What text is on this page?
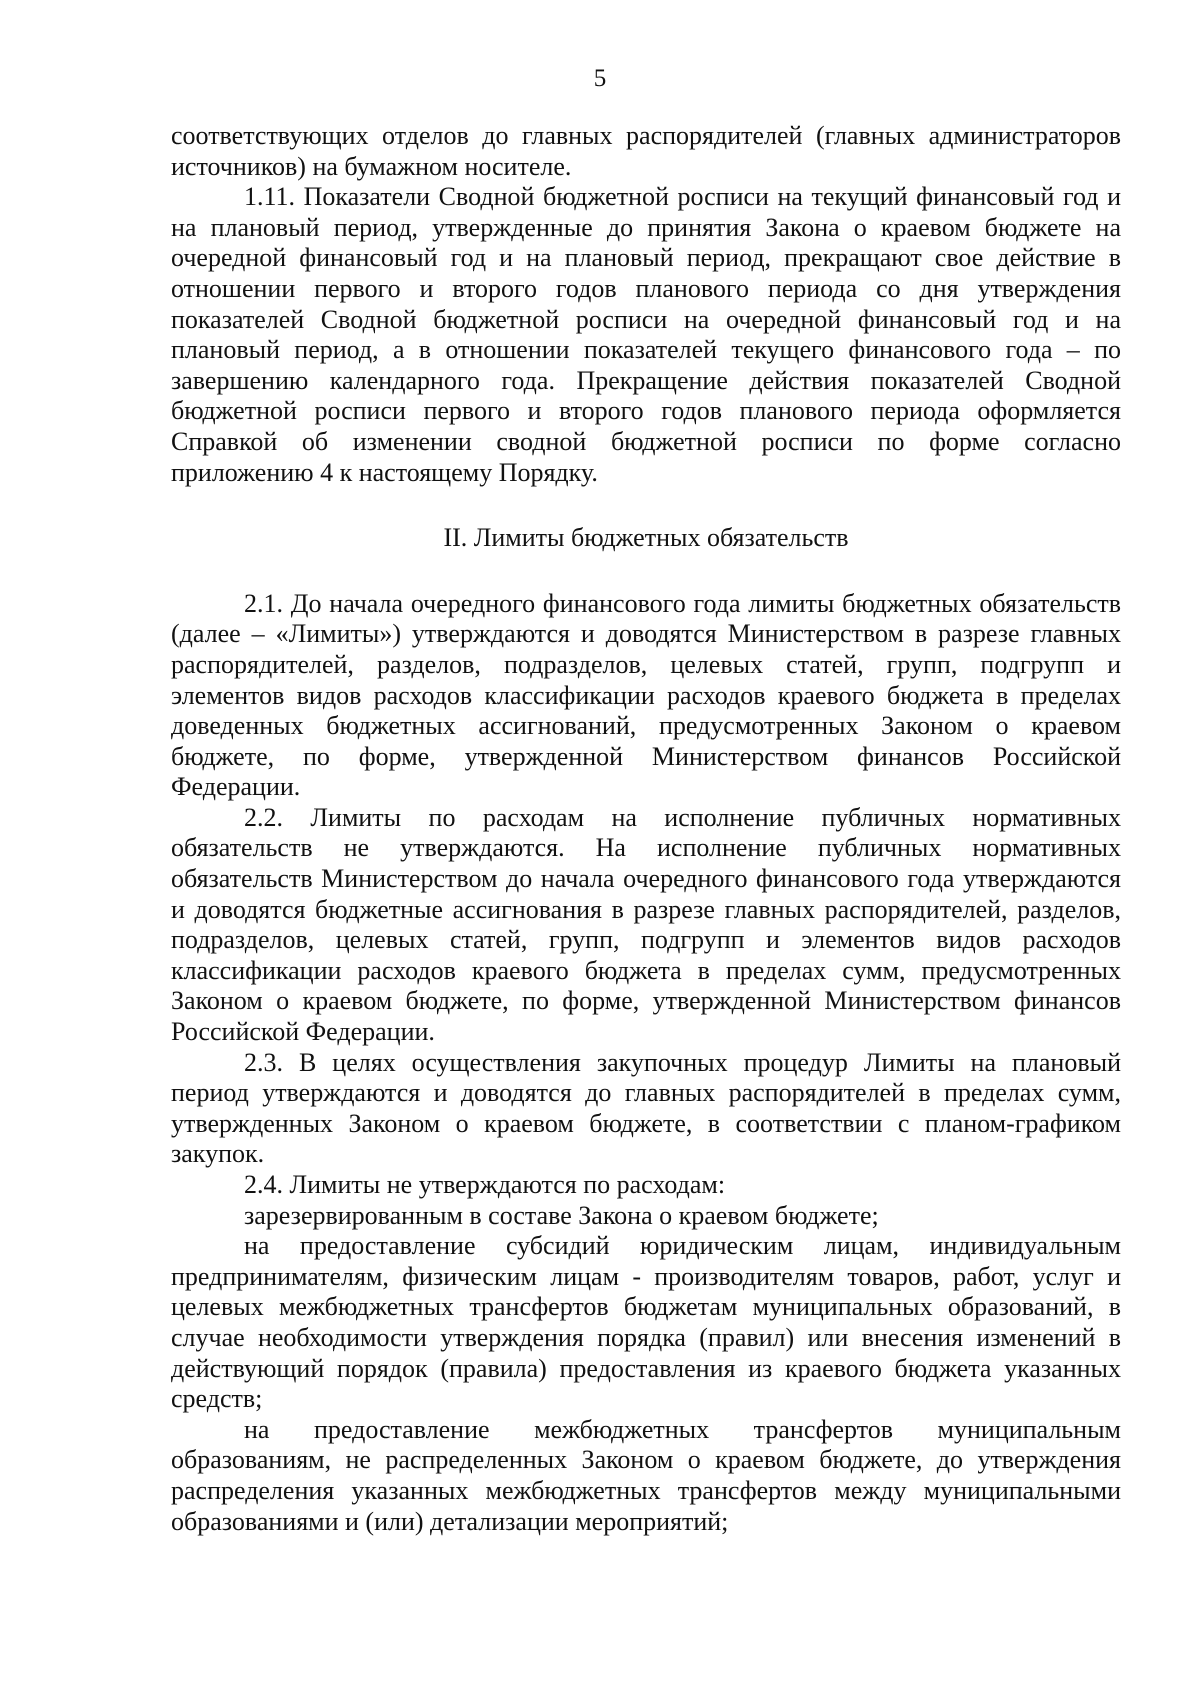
5

соответствующих отделов до главных распорядителей (главных администраторов источников) на бумажном носителе.

1.11. Показатели Сводной бюджетной росписи на текущий финансовый год и на плановый период, утвержденные до принятия Закона о краевом бюджете на очередной финансовый год и на плановый период, прекращают свое действие в отношении первого и второго годов планового периода со дня утверждения показателей Сводной бюджетной росписи на очередной финансовый год и на плановый период, а в отношении показателей текущего финансового года – по завершению календарного года. Прекращение действия показателей Сводной бюджетной росписи первого и второго годов планового периода оформляется Справкой об изменении сводной бюджетной росписи по форме согласно приложению 4 к настоящему Порядку.

II. Лимиты бюджетных обязательств

2.1. До начала очередного финансового года лимиты бюджетных обязательств (далее – «Лимиты») утверждаются и доводятся Министерством в разрезе главных распорядителей, разделов, подразделов, целевых статей, групп, подгрупп и элементов видов расходов классификации расходов краевого бюджета в пределах доведенных бюджетных ассигнований, предусмотренных Законом о краевом бюджете, по форме, утвержденной Министерством финансов Российской Федерации.

2.2. Лимиты по расходам на исполнение публичных нормативных обязательств не утверждаются. На исполнение публичных нормативных обязательств Министерством до начала очередного финансового года утверждаются и доводятся бюджетные ассигнования в разрезе главных распорядителей, разделов, подразделов, целевых статей, групп, подгрупп и элементов видов расходов классификации расходов краевого бюджета в пределах сумм, предусмотренных Законом о краевом бюджете, по форме, утвержденной Министерством финансов Российской Федерации.

2.3. В целях осуществления закупочных процедур Лимиты на плановый период утверждаются и доводятся до главных распорядителей в пределах сумм, утвержденных Законом о краевом бюджете, в соответствии с планом-графиком закупок.

2.4. Лимиты не утверждаются по расходам:

зарезервированным в составе Закона о краевом бюджете;

на предоставление субсидий юридическим лицам, индивидуальным предпринимателям, физическим лицам - производителям товаров, работ, услуг и целевых межбюджетных трансфертов бюджетам муниципальных образований, в случае необходимости утверждения порядка (правил) или внесения изменений в действующий порядок (правила) предоставления из краевого бюджета указанных средств;

на предоставление межбюджетных трансфертов муниципальным образованиям, не распределенных Законом о краевом бюджете, до утверждения распределения указанных межбюджетных трансфертов между муниципальными образованиями и (или) детализации мероприятий;
